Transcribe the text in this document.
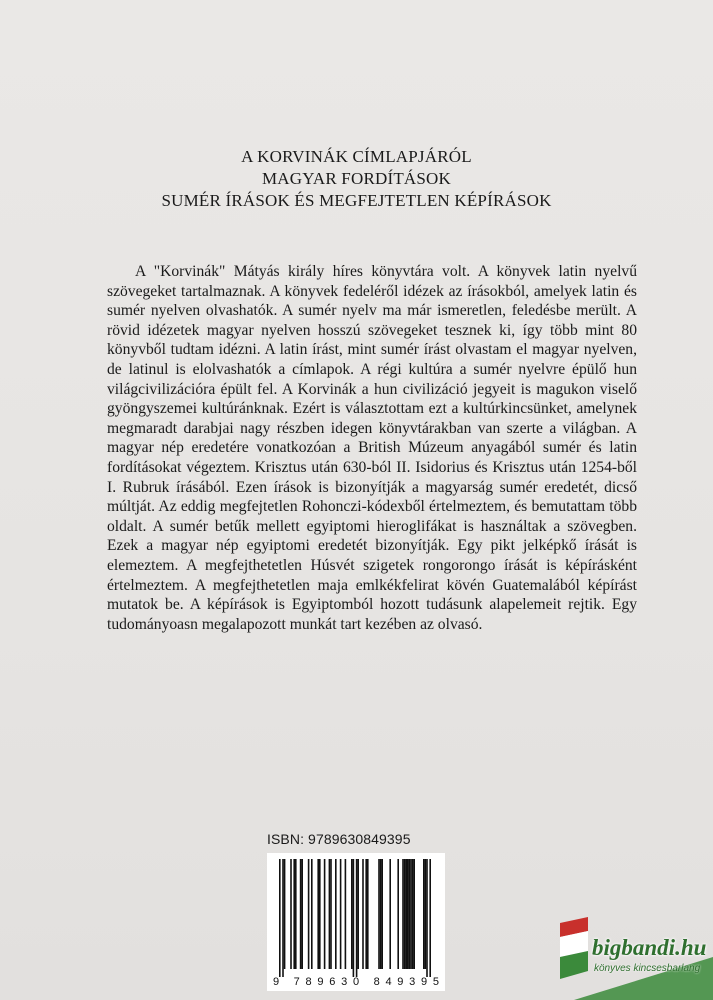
A KORVINÁK CÍMLAPJÁRÓL
MAGYAR FORDÍTÁSOK
SUMÉR ÍRÁSOK ÉS MEGFEJTETLEN KÉPÍRÁSOK

A "Korvinák" Mátyás király híres könyvtára volt. A könyvek latin nyelvű szövegeket tartalmaznak. A könyvek fedeléről idézek az írásokból, amelyek latin és sumér nyelven olvashatók. A sumér nyelv ma már ismeretlen, feledésbe merült. A rövid idézetek magyar nyelven hosszú szövegeket tesznek ki, így több mint 80 könyvből tudtam idézni. A latin írást, mint sumér írást olvastam el magyar nyelven, de latinul is elolvashatók a címlapok. A régi kultúra a sumér nyelvre épülő hun világcivilizációra épült fel. A Korvinák a hun civilizáció jegyeit is magukon viselő gyöngyszemei kultúránknak. Ezért is választottam ezt a kultúrkincsünket, amelynek megmaradt darabjai nagy részben idegen könyvtárakban van szerte a világban. A magyar nép eredetére vonatkozóan a British Múzeum anyagából sumér és latin fordításokat végeztem. Krisztus után 630-ból II. Isidorius és Krisztus után 1254-ből I. Rubruk írásából. Ezen írások is bizonyítják a magyarság sumér eredetét, dicső múltját. Az eddig megfejtetlen Rohonczi-kódexből értelmeztem, és bemutattam több oldalt. A sumér betűk mellett egyiptomi hieroglifákat is használtak a szövegben. Ezek a magyar nép egyiptomi eredetét bizonyítják. Egy pikt jelképkő írását is elemeztem. A megfejthetetlen Húsvét szigetek rongorongo írását is képírásként értelmeztem. A megfejthetetlen maja emlkékfelirat kövén Guatemalából képírást mutatok be. A képírások is Egyiptomból hozott tudásunk alapelemeit rejtik. Egy tudományoasn megalapozott munkát tart kezében az olvasó.

ISBN: 9789630849395
9 789630 849395
bigbandi.hu
könyves kincsesbarlang
